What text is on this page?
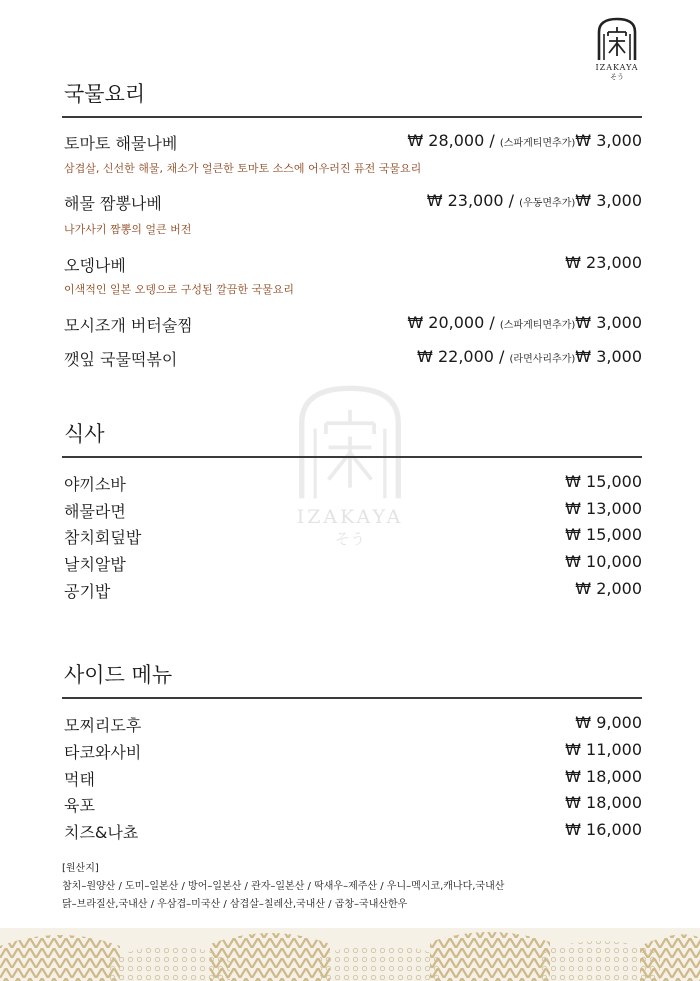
IZAKAYA
そう
IZAKAYA
そう
국물요리
토마토 해물나베	₩ 28,000 / (스파게티면추가)₩ 3,000
삼겹살, 신선한 해물, 채소가 얼큰한 토마토 소스에 어우러진 퓨전 국물요리
해물 짬뽕나베	₩ 23,000 / (우동면추가)₩ 3,000
나가사키 짬뽕의 얼큰 버전
오뎅나베	₩ 23,000
이색적인 일본 오뎅으로 구성된 깔끔한 국물요리
모시조개 버터술찜	₩ 20,000 / (스파게티면추가)₩ 3,000
깻잎 국물떡볶이	₩ 22,000 / (라면사리추가)₩ 3,000
식사
야끼소바	₩ 15,000
해물라면	₩ 13,000
참치회덮밥	₩ 15,000
날치알밥	₩ 10,000
공기밥	₩ 2,000
사이드 메뉴
모찌리도후	₩ 9,000
타코와사비	₩ 11,000
먹태	₩ 18,000
육포	₩ 18,000
치즈&나쵸	₩ 16,000
[원산지]
참치–원양산 / 도미–일본산 / 방어–일본산 / 관자–일본산 / 딱새우–제주산 / 우니–멕시코,캐나다,국내산
닭–브라질산,국내산 / 우삼겹–미국산 / 삼겹살–칠레산,국내산 / 곱창–국내산한우
